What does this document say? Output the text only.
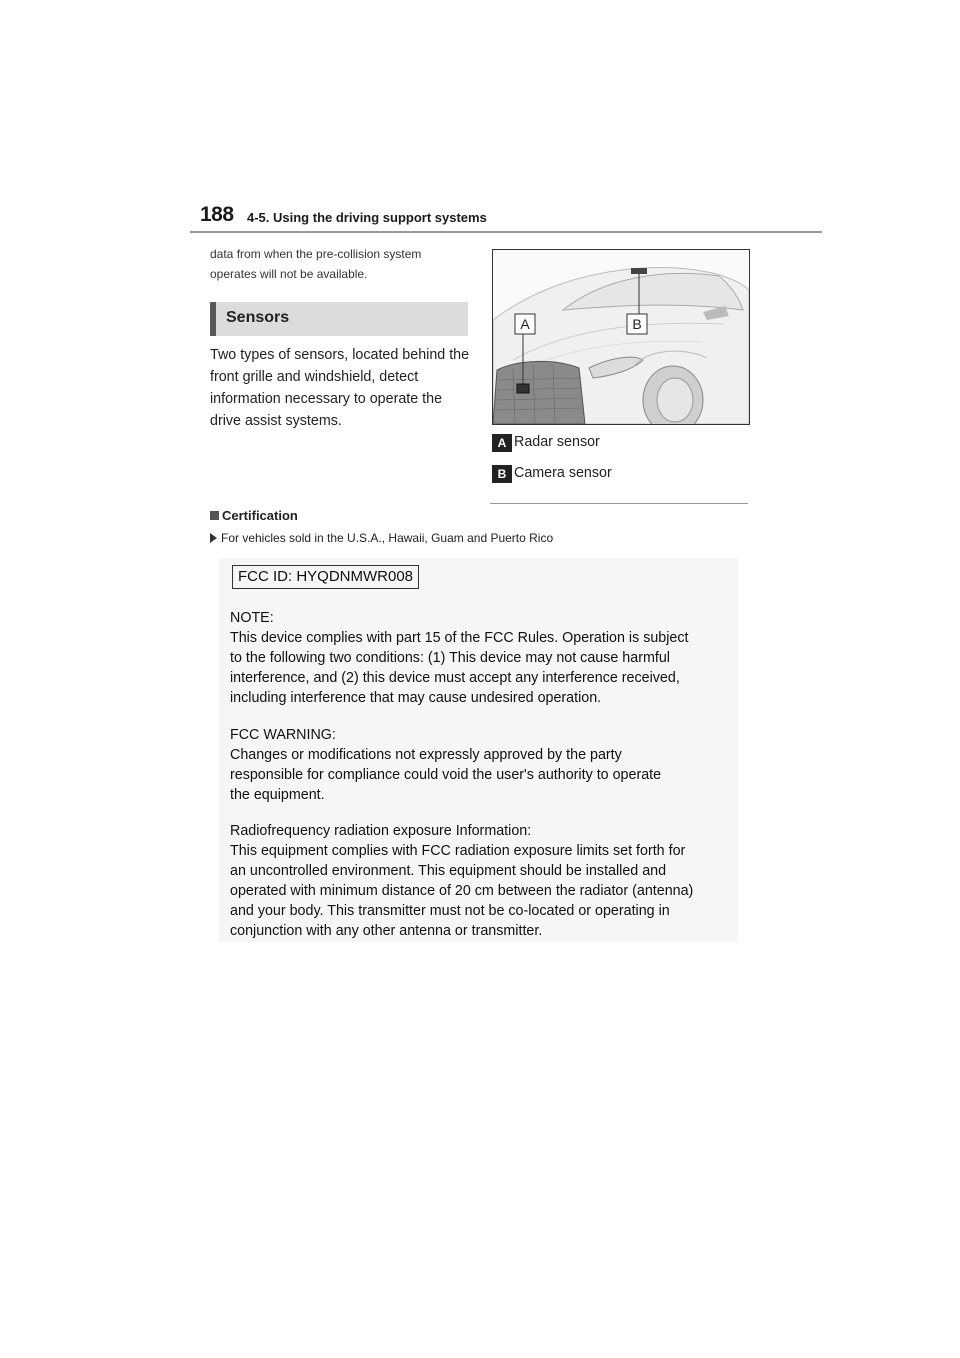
188 4-5. Using the driving support systems
data from when the pre-collision system operates will not be available.
Sensors
Two types of sensors, located behind the front grille and windshield, detect information necessary to operate the drive assist systems.
A	B
A Radar sensor
B Camera sensor
Certification
For vehicles sold in the U.S.A., Hawaii, Guam and Puerto Rico
FCC ID: HYQDNMWR008
NOTE:
This device complies with part 15 of the FCC Rules. Operation is subject
to the following two conditions: (1) This device may not cause harmful
interference, and (2) this device must accept any interference received,
including interference that may cause undesired operation.
FCC WARNING:
Changes or modifications not expressly approved by the party
responsible for compliance could void the user's authority to operate
the equipment.
Radiofrequency radiation exposure Information:
This equipment complies with FCC radiation exposure limits set forth for
an uncontrolled environment. This equipment should be installed and
operated with minimum distance of 20 cm between the radiator (antenna)
and your body. This transmitter must not be co-located or operating in
conjunction with any other antenna or transmitter.
